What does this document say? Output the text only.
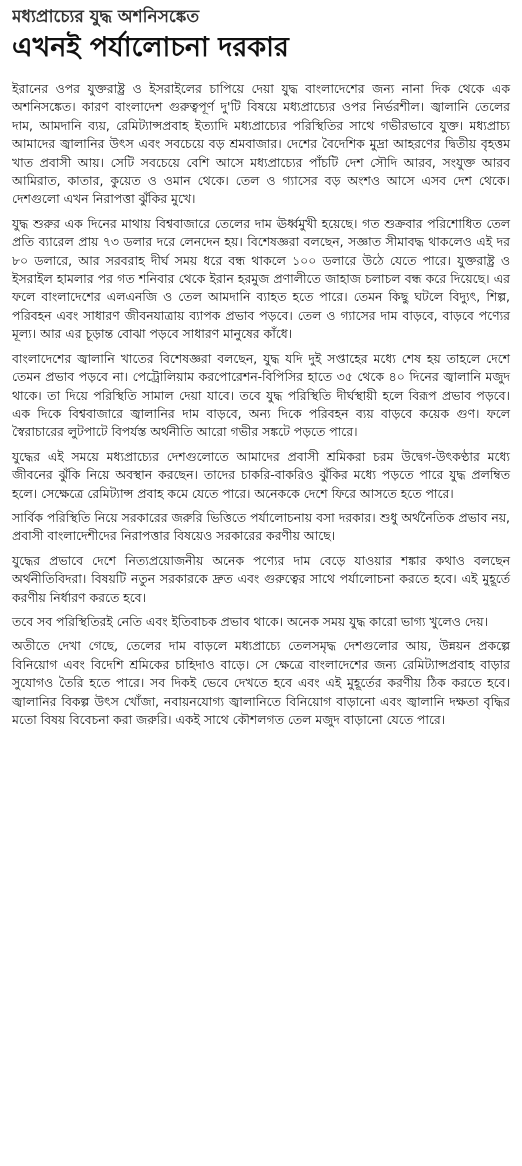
মধ্যপ্রাচ্যের যুদ্ধ অশনিসঙ্কেত
এখনই পর্যালোচনা দরকার

ইরানের ওপর যুক্তরাষ্ট্র ও ইসরাইলের চাপিয়ে দেয়া যুদ্ধ বাংলাদেশের জন্য নানা দিক থেকে এক অশনিসঙ্কেত। কারণ বাংলাদেশ গুরুত্বপূর্ণ দু'টি বিষয়ে মধ্যপ্রাচ্যের ওপর নির্ভরশীল। জ্বালানি তেলের দাম, আমদানি ব্যয়, রেমিট্যান্সপ্রবাহ ইত্যাদি মধ্যপ্রাচ্যের পরিস্থিতির সাথে গভীরভাবে যুক্ত। মধ্যপ্রাচ্য আমাদের জ্বালানির উৎস এবং সবচেয়ে বড় শ্রমবাজার। দেশের বৈদেশিক মুদ্রা আহরণের দ্বিতীয় বৃহত্তম খাত প্রবাসী আয়। সেটি সবচেয়ে বেশি আসে মধ্যপ্রাচ্যের পাঁচটি দেশ সৌদি আরব, সংযুক্ত আরব আমিরাত, কাতার, কুয়েত ও ওমান থেকে। তেল ও গ্যাসের বড় অংশও আসে এসব দেশ থেকে। দেশগুলো এখন নিরাপত্তা ঝুঁকির মুখে।

যুদ্ধ শুরুর এক দিনের মাথায় বিশ্ববাজারে তেলের দাম ঊর্ধ্বমুখী হয়েছে। গত শুক্রবার পরিশোধিত তেল প্রতি ব্যারেল প্রায় ৭৩ ডলার দরে লেনদেন হয়। বিশেষজ্ঞরা বলছেন, সজ্ঞাত সীমাবদ্ধ থাকলেও এই দর ৮০ ডলারে, আর সরবরাহ দীর্ঘ সময় ধরে বন্ধ থাকলে ১০০ ডলারে উঠে যেতে পারে। যুক্তরাষ্ট্র ও ইসরাইল হামলার পর গত শনিবার থেকে ইরান হরমুজ প্রণালীতে জাহাজ চলাচল বন্ধ করে দিয়েছে। এর ফলে বাংলাদেশের এলএনজি ও তেল আমদানি ব্যাহত হতে পারে। তেমন কিছু ঘটলে বিদ্যুৎ, শিল্প, পরিবহন এবং সাধারণ জীবনযাত্রায় ব্যাপক প্রভাব পড়বে। তেল ও গ্যাসের দাম বাড়বে, বাড়বে পণ্যের মূল্য। আর এর চূড়ান্ত বোঝা পড়বে সাধারণ মানুষের কাঁধে।

বাংলাদেশের জ্বালানি খাতের বিশেষজ্ঞরা বলছেন, যুদ্ধ যদি দুই সপ্তাহের মধ্যে শেষ হয় তাহলে দেশে তেমন প্রভাব পড়বে না। পেট্রোলিয়াম করপোরেশন-বিপিসির হাতে ৩৫ থেকে ৪০ দিনের জ্বালানি মজুদ থাকে। তা দিয়ে পরিস্থিতি সামাল দেয়া যাবে। তবে যুদ্ধ পরিস্থিতি দীর্ঘস্থায়ী হলে বিরূপ প্রভাব পড়বে। এক দিকে বিশ্ববাজারে জ্বালানির দাম বাড়বে, অন্য দিকে পরিবহন ব্যয় বাড়বে কয়েক গুণ। ফলে স্বৈরাচারের লুটপাটে বিপর্যস্ত অর্থনীতি আরো গভীর সঙ্কটে পড়তে পারে।

যুদ্ধের এই সময়ে মধ্যপ্রাচ্যের দেশগুলোতে আমাদের প্রবাসী শ্রমিকরা চরম উদ্বেগ-উৎকণ্ঠার মধ্যে জীবনের ঝুঁকি নিয়ে অবস্থান করছেন। তাদের চাকরি-বাকরিও ঝুঁকির মধ্যে পড়তে পারে যুদ্ধ প্রলম্বিত হলে। সেক্ষেত্রে রেমিট্যান্স প্রবাহ কমে যেতে পারে। অনেককে দেশে ফিরে আসতে হতে পারে।

সার্বিক পরিস্থিতি নিয়ে সরকারের জরুরি ভিত্তিতে পর্যালোচনায় বসা দরকার। শুধু অর্থনৈতিক প্রভাব নয়, প্রবাসী বাংলাদেশীদের নিরাপত্তার বিষয়েও সরকারের করণীয় আছে।

যুদ্ধের প্রভাবে দেশে নিত্যপ্রয়োজনীয় অনেক পণ্যের দাম বেড়ে যাওয়ার শঙ্কার কথাও বলছেন অর্থনীতিবিদরা। বিষয়টি নতুন সরকারকে দ্রুত এবং গুরুত্বের সাথে পর্যালোচনা করতে হবে। এই মুহূর্তে করণীয় নির্ধারণ করতে হবে।

তবে সব পরিস্থিতিরই নেতি এবং ইতিবাচক প্রভাব থাকে। অনেক সময় যুদ্ধ কারো ভাগ্য খুলেও দেয়।

অতীতে দেখা গেছে, তেলের দাম বাড়লে মধ্যপ্রাচ্যে তেলসমৃদ্ধ দেশগুলোর আয়, উন্নয়ন প্রকল্পে বিনিয়োগ এবং বিদেশি শ্রমিকের চাহিদাও বাড়ে। সে ক্ষেত্রে বাংলাদেশের জন্য রেমিট্যান্সপ্রবাহ বাড়ার সুযোগও তৈরি হতে পারে। সব দিকই ভেবে দেখতে হবে এবং এই মুহূর্তের করণীয় ঠিক করতে হবে। জ্বালানির বিকল্প উৎস খোঁজা, নবায়নযোগ্য জ্বালানিতে বিনিয়োগ বাড়ানো এবং জ্বালানি দক্ষতা বৃদ্ধির মতো বিষয় বিবেচনা করা জরুরি। একই সাথে কৌশলগত তেল মজুদ বাড়ানো যেতে পারে।
